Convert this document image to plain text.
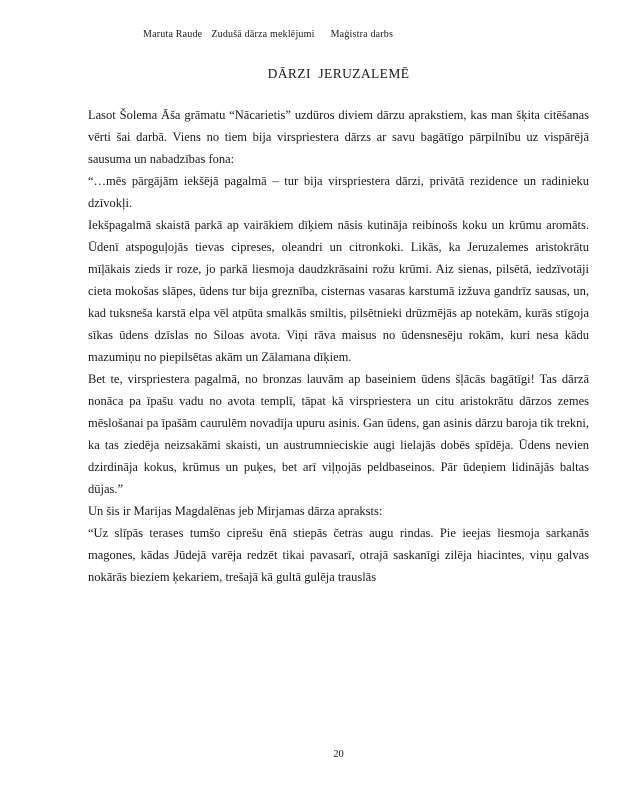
Maruta Raude Zudušā dārza meklējumi Maģistra darbs
DĀRZI  JERUZALEMĒ

Lasot Šolema Āša grāmatu “Nācarietis” uzdūros diviem dārzu aprakstiem, kas man šķita citēšanas vērti šai darbā. Viens no tiem bija virspriestera dārzs ar savu bagātīgo pārpilnību uz vispārējā sausuma un nabadzības fona:

“…mēs pārgājām iekšējā pagalmā – tur bija virspriestera dārzi, privātā rezidence un radinieku dzīvokļi.

Iekšpagalmā skaistā parkā ap vairākiem dīķiem nāsis kutināja reibinošs koku un krūmu aromāts. Ūdenī atspoguļojās tievas cipreses, oleandri un citronkoki. Likās, ka Jeruzalemes aristokrātu mīļākais zieds ir roze, jo parkā liesmoja daudzkrāsaini rožu krūmi. Aiz sienas, pilsētā, iedzīvotāji cieta mokošas slāpes, ūdens tur bija greznība, cisternas vasaras karstumā izžuva gandrīz sausas, un, kad tuksneša karstā elpa vēl atpūta smalkās smiltis, pilsētnieki drūzmējās ap notekām, kurās stīgoja sīkas ūdens dzīslas no Siloas avota. Viņi rāva maisus no ūdensnesēju rokām, kuri nesa kādu mazumiņu no piepilsētas akām un Zālamana dīķiem.

Bet te, virspriestera pagalmā, no bronzas lauvām ap baseiniem ūdens šļācās bagātīgi! Tas dārzā nonāca pa īpašu vadu no avota templī, tāpat kā virspriestera un citu aristokrātu dārzos zemes mēslošanai pa īpašām caurulēm novadīja upuru asinis. Gan ūdens, gan asinis dārzu baroja tik trekni, ka tas ziedēja neizsakāmi skaisti, un austrumnieciskie augi lielajās dobēs spīdēja. Ūdens nevien dzirdināja kokus, krūmus un puķes, bet arī viļņojās peldbaseinos. Pār ūdeņiem lidinājās baltas dūjas.”

Un šis ir Marijas Magdalēnas jeb Mirjamas dārza apraksts:

“Uz slīpās terases tumšo ciprešu ēnā stiepās četras augu rindas. Pie ieejas liesmoja sarkanās magones, kādas Jūdejā varēja redzēt tikai pavasarī, otrajā saskanīgi zilēja hiacintes, viņu galvas nokārās bieziem ķekariem, trešajā kā gultā gulēja trauslās

20
